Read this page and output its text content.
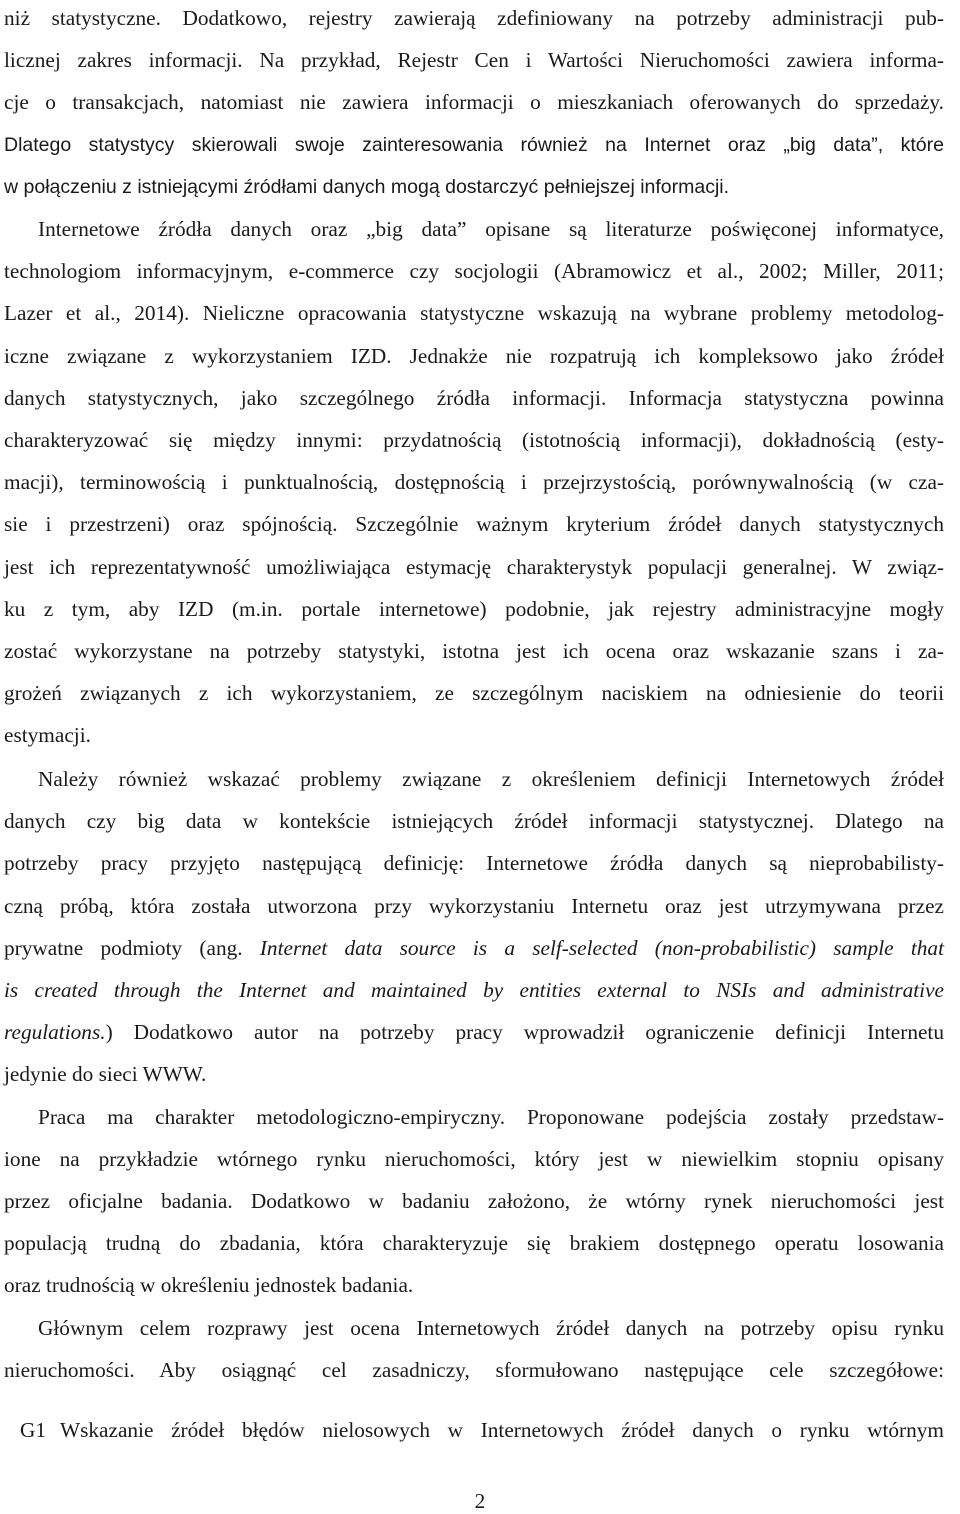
niż statystyczne. Dodatkowo, rejestry zawierają zdefiniowany na potrzeby administracji pub-
licznej zakres informacji. Na przykład, Rejestr Cen i Wartości Nieruchomości zawiera informa-
cje o transakcjach, natomiast nie zawiera informacji o mieszkaniach oferowanych do sprzedaży.
Dlatego statystycy skierowali swoje zainteresowania również na Internet oraz „big data”, które
w połączeniu z istniejącymi źródłami danych mogą dostarczyć pełniejszej informacji.
Internetowe źródła danych oraz „big data” opisane są literaturze poświęconej informatyce,
technologiom informacyjnym, e-commerce czy socjologii (Abramowicz et al., 2002; Miller, 2011;
Lazer et al., 2014). Nieliczne opracowania statystyczne wskazują na wybrane problemy metodolog-
iczne związane z wykorzystaniem IZD. Jednakże nie rozpatrują ich kompleksowo jako źródeł
danych statystycznych, jako szczególnego źródła informacji. Informacja statystyczna powinna
charakteryzować się między innymi: przydatnością (istotnością informacji), dokładnością (esty-
macji), terminowością i punktualnością, dostępnością i przejrzystością, porównywalnością (w cza-
sie i przestrzeni) oraz spójnością. Szczególnie ważnym kryterium źródeł danych statystycznych
jest ich reprezentatywność umożliwiająca estymację charakterystyk populacji generalnej. W związ-
ku z tym, aby IZD (m.in. portale internetowe) podobnie, jak rejestry administracyjne mogły
zostać wykorzystane na potrzeby statystyki, istotna jest ich ocena oraz wskazanie szans i za-
grożeń związanych z ich wykorzystaniem, ze szczególnym naciskiem na odniesienie do teorii
estymacji.
Należy również wskazać problemy związane z określeniem definicji Internetowych źródeł
danych czy big data w kontekście istniejących źródeł informacji statystycznej. Dlatego na
potrzeby pracy przyjęto następującą definicję: Internetowe źródła danych są nieprobabilisty-
czną próbą, która została utworzona przy wykorzystaniu Internetu oraz jest utrzymywana przez
prywatne podmioty (ang. Internet data source is a self-selected (non-probabilistic) sample that
is created through the Internet and maintained by entities external to NSIs and administrative
regulations.) Dodatkowo autor na potrzeby pracy wprowadził ograniczenie definicji Internetu
jedynie do sieci WWW.
Praca ma charakter metodologiczno-empiryczny. Proponowane podejścia zostały przedstaw-
ione na przykładzie wtórnego rynku nieruchomości, który jest w niewielkim stopniu opisany
przez oficjalne badania. Dodatkowo w badaniu założono, że wtórny rynek nieruchomości jest
populacją trudną do zbadania, która charakteryzuje się brakiem dostępnego operatu losowania
oraz trudnością w określeniu jednostek badania.
Głównym celem rozprawy jest ocena Internetowych źródeł danych na potrzeby opisu rynku
nieruchomości. Aby osiągnąć cel zasadniczy, sformułowano następujące cele szczegółowe:
G1 Wskazanie źródeł błędów nielosowych w Internetowych źródeł danych o rynku wtórnym
2
